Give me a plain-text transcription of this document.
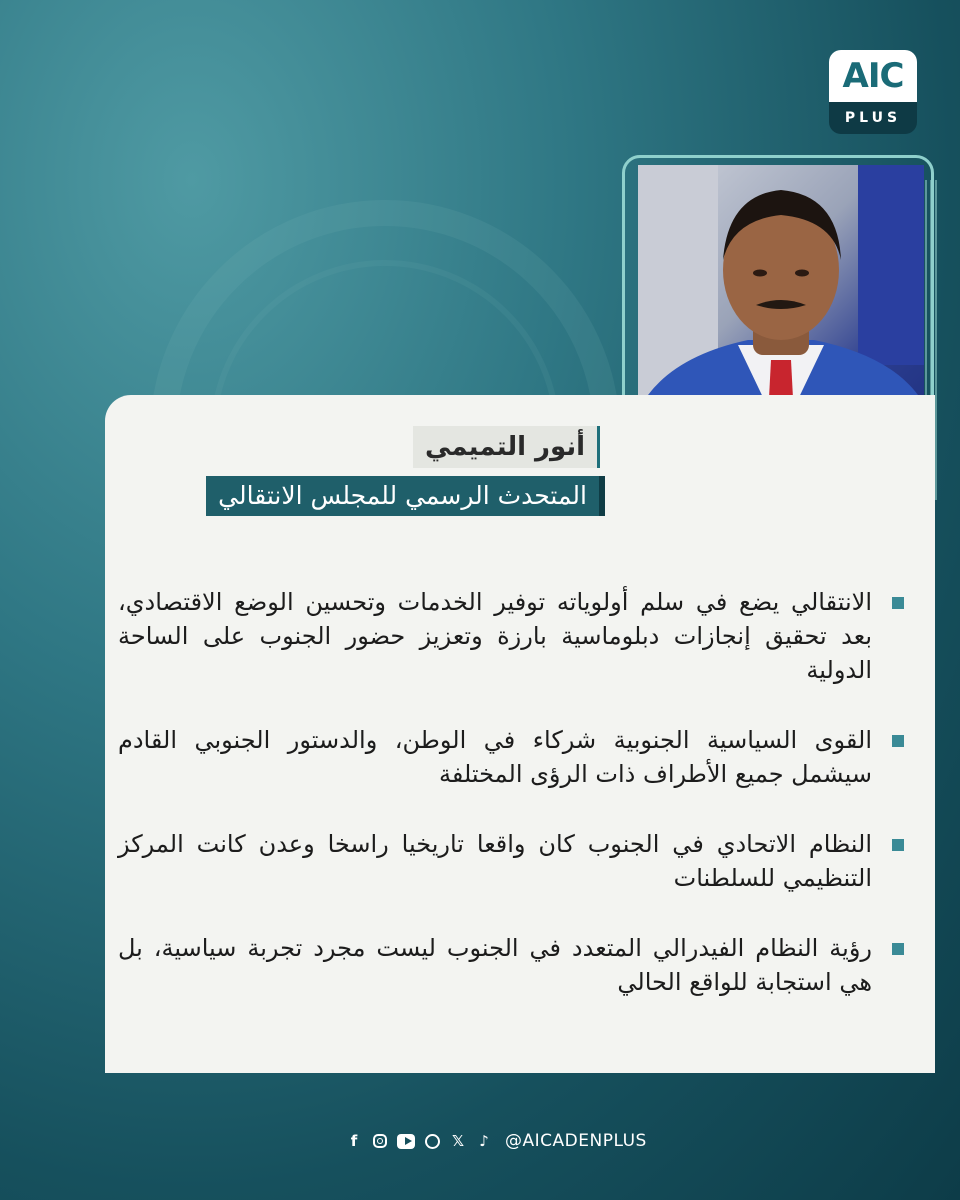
AIC
PLUS
أنور التميمي
المتحدث الرسمي للمجلس الانتقالي
الانتقالي يضع في سلم أولوياته توفير الخدمات وتحسين الوضع الاقتصادي، بعد تحقيق إنجازات دبلوماسية بارزة وتعزيز حضور الجنوب على الساحة الدولية
القوى السياسية الجنوبية شركاء في الوطن، والدستور الجنوبي القادم سيشمل جميع الأطراف ذات الرؤى المختلفة
النظام الاتحادي في الجنوب كان واقعا تاريخيا راسخا وعدن كانت المركز التنظيمي للسلطنات
رؤية النظام الفيدرالي المتعدد في الجنوب ليست مجرد تجربة سياسية، بل هي استجابة للواقع الحالي
f	𝕏 ♪ @AICADENPLUS
